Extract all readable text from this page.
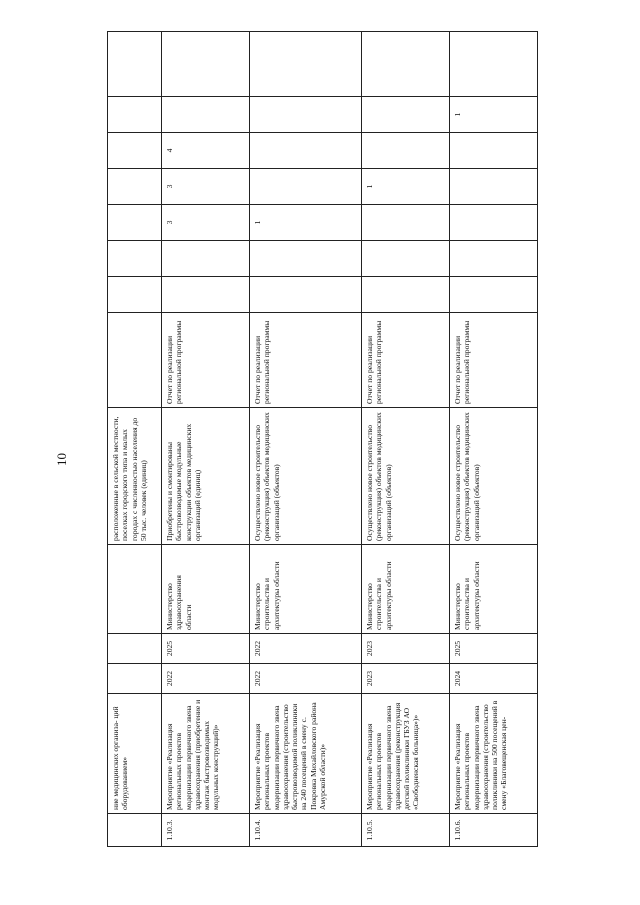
10
	ние медицинских организа- ций оборудованием»				расположенные в сельской местности, поселках городского типа и малых городах с численностью населения до 50 тыс. человек (единиц)								
1.10.3.	Мероприятие «Реализация региональных проектов модернизации первичного звена здравоохранения (приобретение и монтаж быстровозводимых модульных конструкций)»	2022	2025	Министерство здравоохранения области	Приобретены и смонтированы быстровозводимые модульные конструкции объектов медицинских организаций (единиц)	Отчет по реализации региональной программы			3	3	4		
1.10.4.	Мероприятие «Реализация региональных проектов модернизации первичного звена здравоохранения (строительство быстровозводимой поликлиники на 240 посещений в смену с. Покровка Михайловского района Амурской области)»	2022	2022	Министерство строительства и архитектуры области	Осуществлено новое строительство (реконструкция) объектов медицинских организаций (объектов)	Отчет по реализации региональной программы			1				
1.10.5.	Мероприятие «Реализация региональных проектов модернизации первичного звена здравоохранения (реконструкция детской поликлиники ГБУЗ АО «Свободненская больница»)»	2023	2023	Министерство строительства и архитектуры области	Осуществлено новое строительство (реконструкция) объектов медицинских организаций (объектов)	Отчет по реализации региональной программы				1			
1.10.6.	Мероприятие «Реализация региональных проектов модернизации первичного звена здравоохранения (строительство поликлиники на 500 посещений в смену «Благовещенская цен-	2024	2025	Министерство строительства и архитектуры области	Осуществлено новое строительство (реконструкция) объектов медицинских организаций (объектов)	Отчет по реализации региональной программы						1	
